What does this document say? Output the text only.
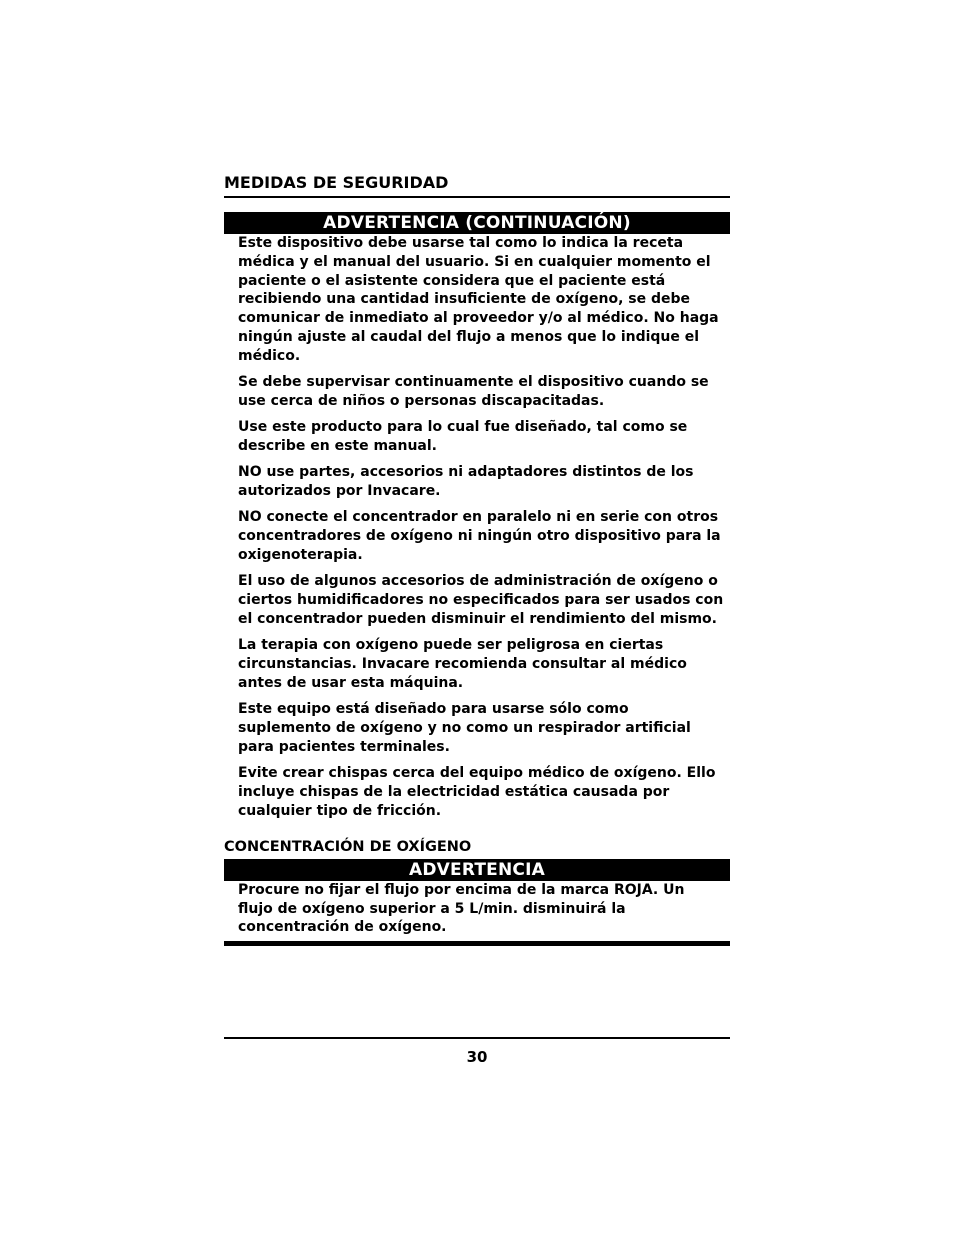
MEDIDAS DE SEGURIDAD
ADVERTENCIA (CONTINUACIÓN)

Este dispositivo debe usarse tal como lo indica la receta médica y el manual del usuario. Si en cualquier momento el paciente o el asistente considera que el paciente está recibiendo una cantidad insuficiente de oxígeno, se debe comunicar de inmediato al proveedor y/o al médico. No haga ningún ajuste al caudal del flujo a menos que lo indique el médico.

Se debe supervisar continuamente el dispositivo cuando se use cerca de niños o personas discapacitadas.

Use este producto para lo cual fue diseñado, tal como se describe en este manual.

NO use partes, accesorios ni adaptadores distintos de los autorizados por Invacare.

NO conecte el concentrador en paralelo ni en serie con otros concentradores de oxígeno ni ningún otro dispositivo para la oxigenoterapia.

El uso de algunos accesorios de administración de oxígeno o ciertos humidificadores no especificados para ser usados con el concentrador pueden disminuir el rendimiento del mismo.

La terapia con oxígeno puede ser peligrosa en ciertas circunstancias. Invacare recomienda consultar al médico antes de usar esta máquina.

Este equipo está diseñado para usarse sólo como suplemento de oxígeno y no como un respirador artificial para pacientes terminales.

Evite crear chispas cerca del equipo médico de oxígeno. Ello incluye chispas de la electricidad estática causada por cualquier tipo de fricción.

CONCENTRACIÓN DE OXÍGENO
ADVERTENCIA

Procure no fijar el flujo por encima de la marca ROJA. Un flujo de oxígeno superior a 5 L/min. disminuirá la concentración de oxígeno.

30
